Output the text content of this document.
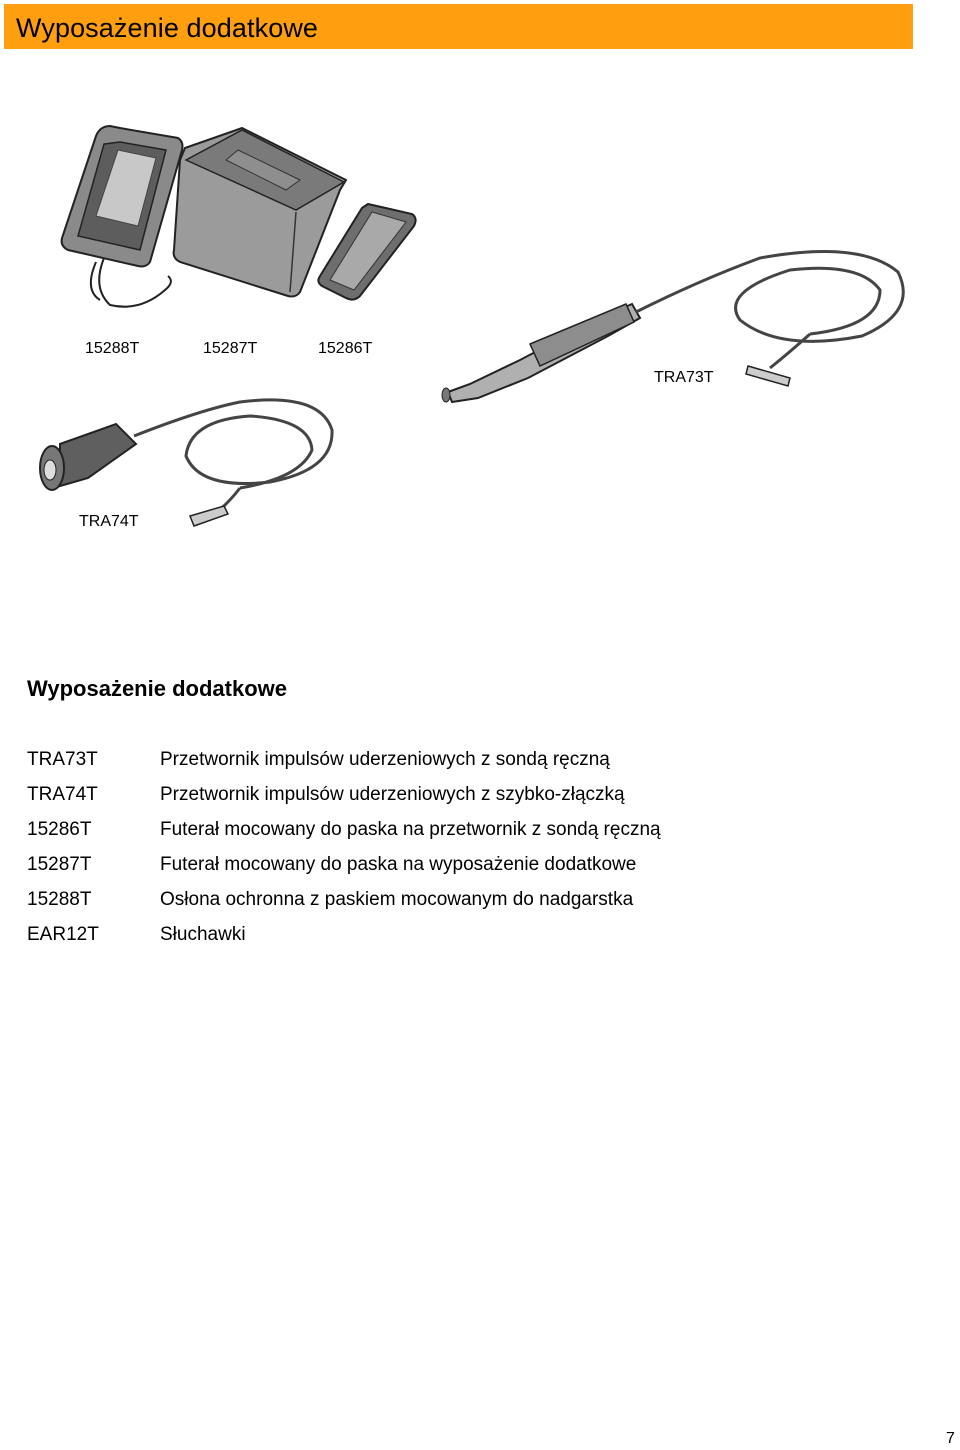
Wyposażenie dodatkowe
15288T	15287T	15286T
TRA73T
TRA74T
Wyposażenie dodatkowe
TRA73T	Przetwornik impulsów uderzeniowych z sondą ręczną
TRA74T	Przetwornik impulsów uderzeniowych z szybko-złączką
15286T	Futerał mocowany do paska na przetwornik z sondą ręczną
15287T	Futerał mocowany do paska na wyposażenie dodatkowe
15288T	Osłona ochronna z paskiem mocowanym do nadgarstka
EAR12T	Słuchawki
7
